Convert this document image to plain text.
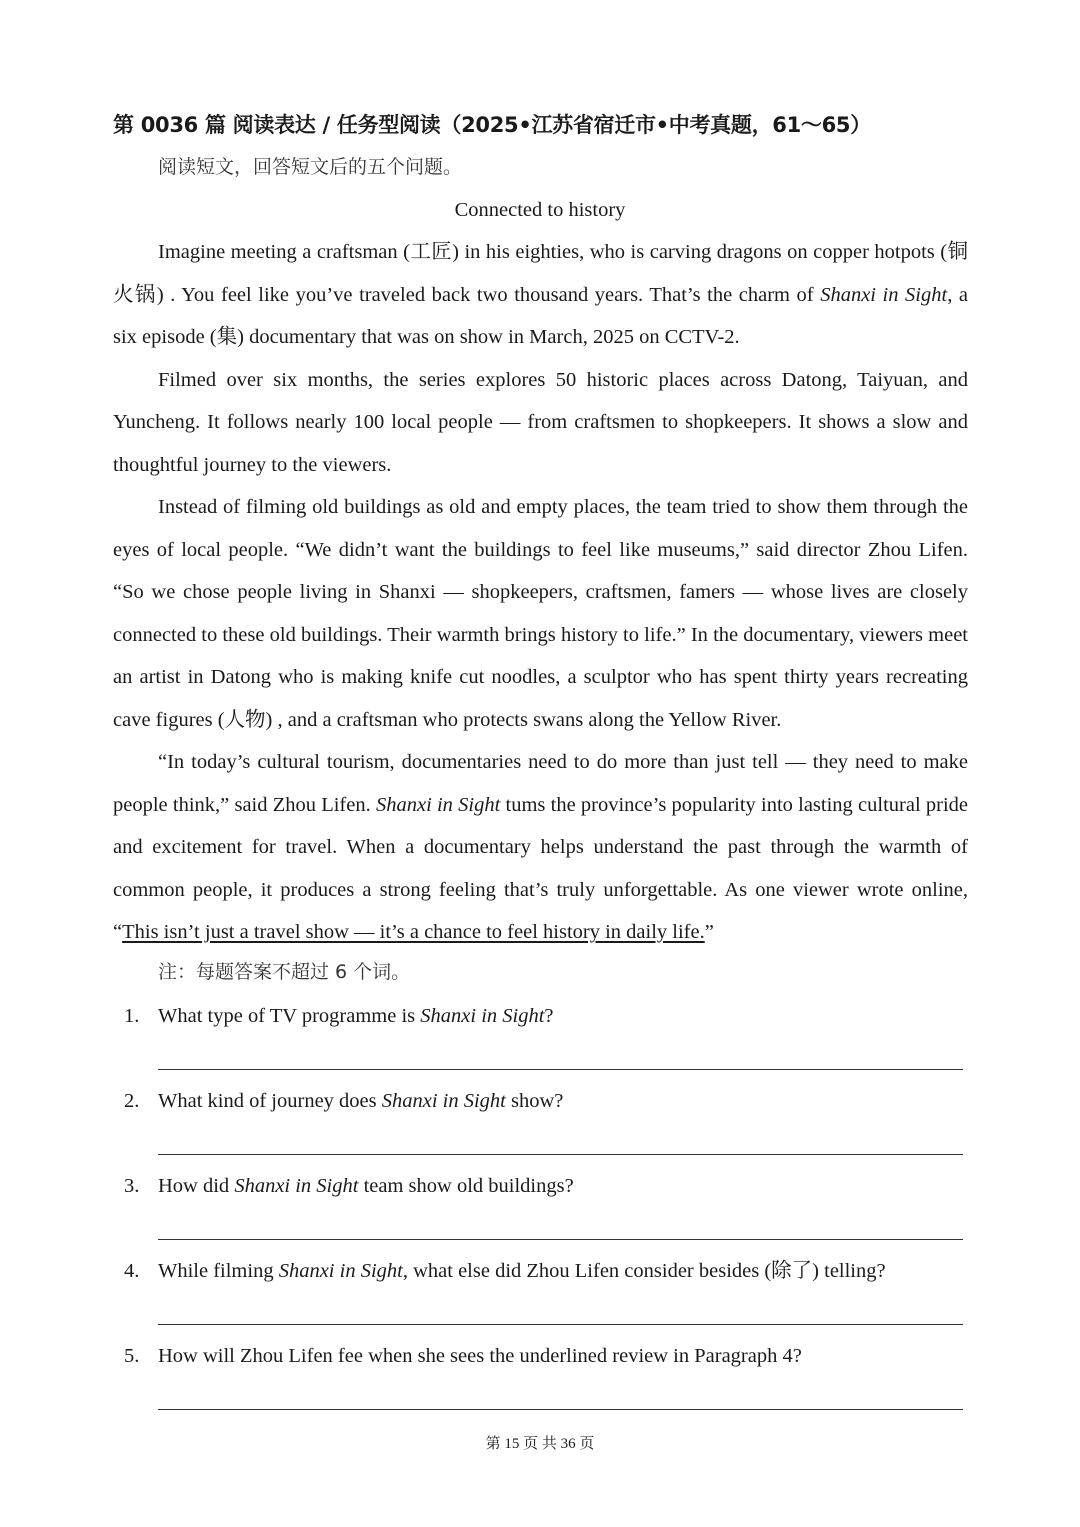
第 0036 篇 阅读表达 / 任务型阅读（2025•江苏省宿迁市•中考真题，61～65）
阅读短文，回答短文后的五个问题。
Connected to history

Imagine meeting a craftsman (工匠) in his eighties, who is carving dragons on copper hotpots (铜火锅) . You feel like you’ve traveled back two thousand years. That’s the charm of Shanxi in Sight, a six episode (集) documentary that was on show in March, 2025 on CCTV-2.

Filmed over six months, the series explores 50 historic places across Datong, Taiyuan, and Yuncheng. It follows nearly 100 local people — from craftsmen to shopkeepers. It shows a slow and thoughtful journey to the viewers.

Instead of filming old buildings as old and empty places, the team tried to show them through the eyes of local people. “We didn’t want the buildings to feel like museums,” said director Zhou Lifen. “So we chose people living in Shanxi — shopkeepers, craftsmen, famers — whose lives are closely connected to these old buildings. Their warmth brings history to life.” In the documentary, viewers meet an artist in Datong who is making knife cut noodles, a sculptor who has spent thirty years recreating cave figures (人物) , and a craftsman who protects swans along the Yellow River.

“In today’s cultural tourism, documentaries need to do more than just tell — they need to make people think,” said Zhou Lifen. Shanxi in Sight tums the province’s popularity into lasting cultural pride and excitement for travel. When a documentary helps understand the past through the warmth of common people, it produces a strong feeling that’s truly unforgettable. As one viewer wrote online, “This isn’t just a travel show — it’s a chance to feel history in daily life.”

注：每题答案不超过 6 个词。
1. What type of TV programme is Shanxi in Sight?
2. What kind of journey does Shanxi in Sight show?
3. How did Shanxi in Sight team show old buildings?
4. While filming Shanxi in Sight, what else did Zhou Lifen consider besides (除了) telling?
5. How will Zhou Lifen fee when she sees the underlined review in Paragraph 4?
第 15 页 共 36 页
